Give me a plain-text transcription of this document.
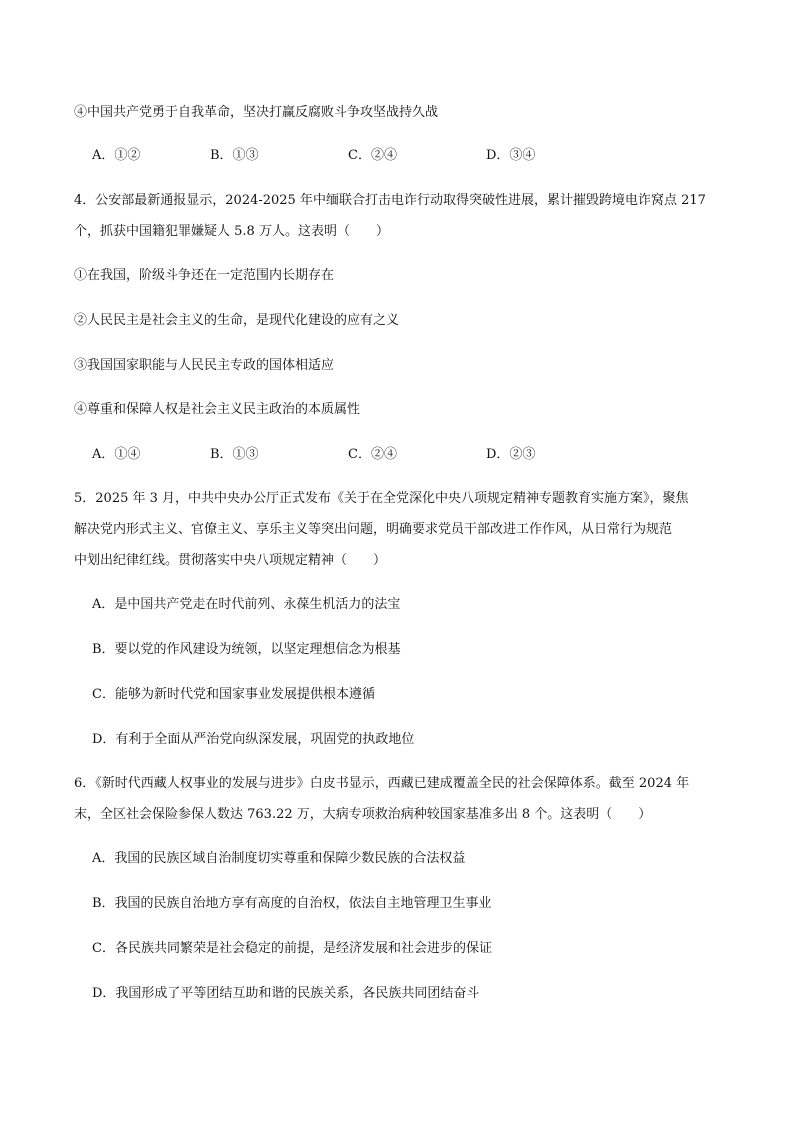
④中国共产党勇于自我革命，坚决打赢反腐败斗争攻坚战持久战
A．①②	B．①③	C．②④	D．③④
4．公安部最新通报显示，2024-2025 年中缅联合打击电诈行动取得突破性进展，累计摧毁跨境电诈窝点 217
个，抓获中国籍犯罪嫌疑人 5.8 万人。这表明（　　）
①在我国，阶级斗争还在一定范围内长期存在
②人民民主是社会主义的生命，是现代化建设的应有之义
③我国国家职能与人民民主专政的国体相适应
④尊重和保障人权是社会主义民主政治的本质属性
A．①④	B．①③	C．②④	D．②③
5．2025 年 3 月，中共中央办公厅正式发布《关于在全党深化中央八项规定精神专题教育实施方案》，聚焦
解决党内形式主义、官僚主义、享乐主义等突出问题，明确要求党员干部改进工作作风，从日常行为规范
中划出纪律红线。贯彻落实中央八项规定精神（　　）
A．是中国共产党走在时代前列、永葆生机活力的法宝
B．要以党的作风建设为统领，以坚定理想信念为根基
C．能够为新时代党和国家事业发展提供根本遵循
D．有利于全面从严治党向纵深发展，巩固党的执政地位
6．《新时代西藏人权事业的发展与进步》白皮书显示，西藏已建成覆盖全民的社会保障体系。截至 2024 年
末，全区社会保险参保人数达 763.22 万，大病专项救治病种较国家基准多出 8 个。这表明（　　）
A．我国的民族区域自治制度切实尊重和保障少数民族的合法权益
B．我国的民族自治地方享有高度的自治权，依法自主地管理卫生事业
C．各民族共同繁荣是社会稳定的前提，是经济发展和社会进步的保证
D．我国形成了平等团结互助和谐的民族关系，各民族共同团结奋斗
